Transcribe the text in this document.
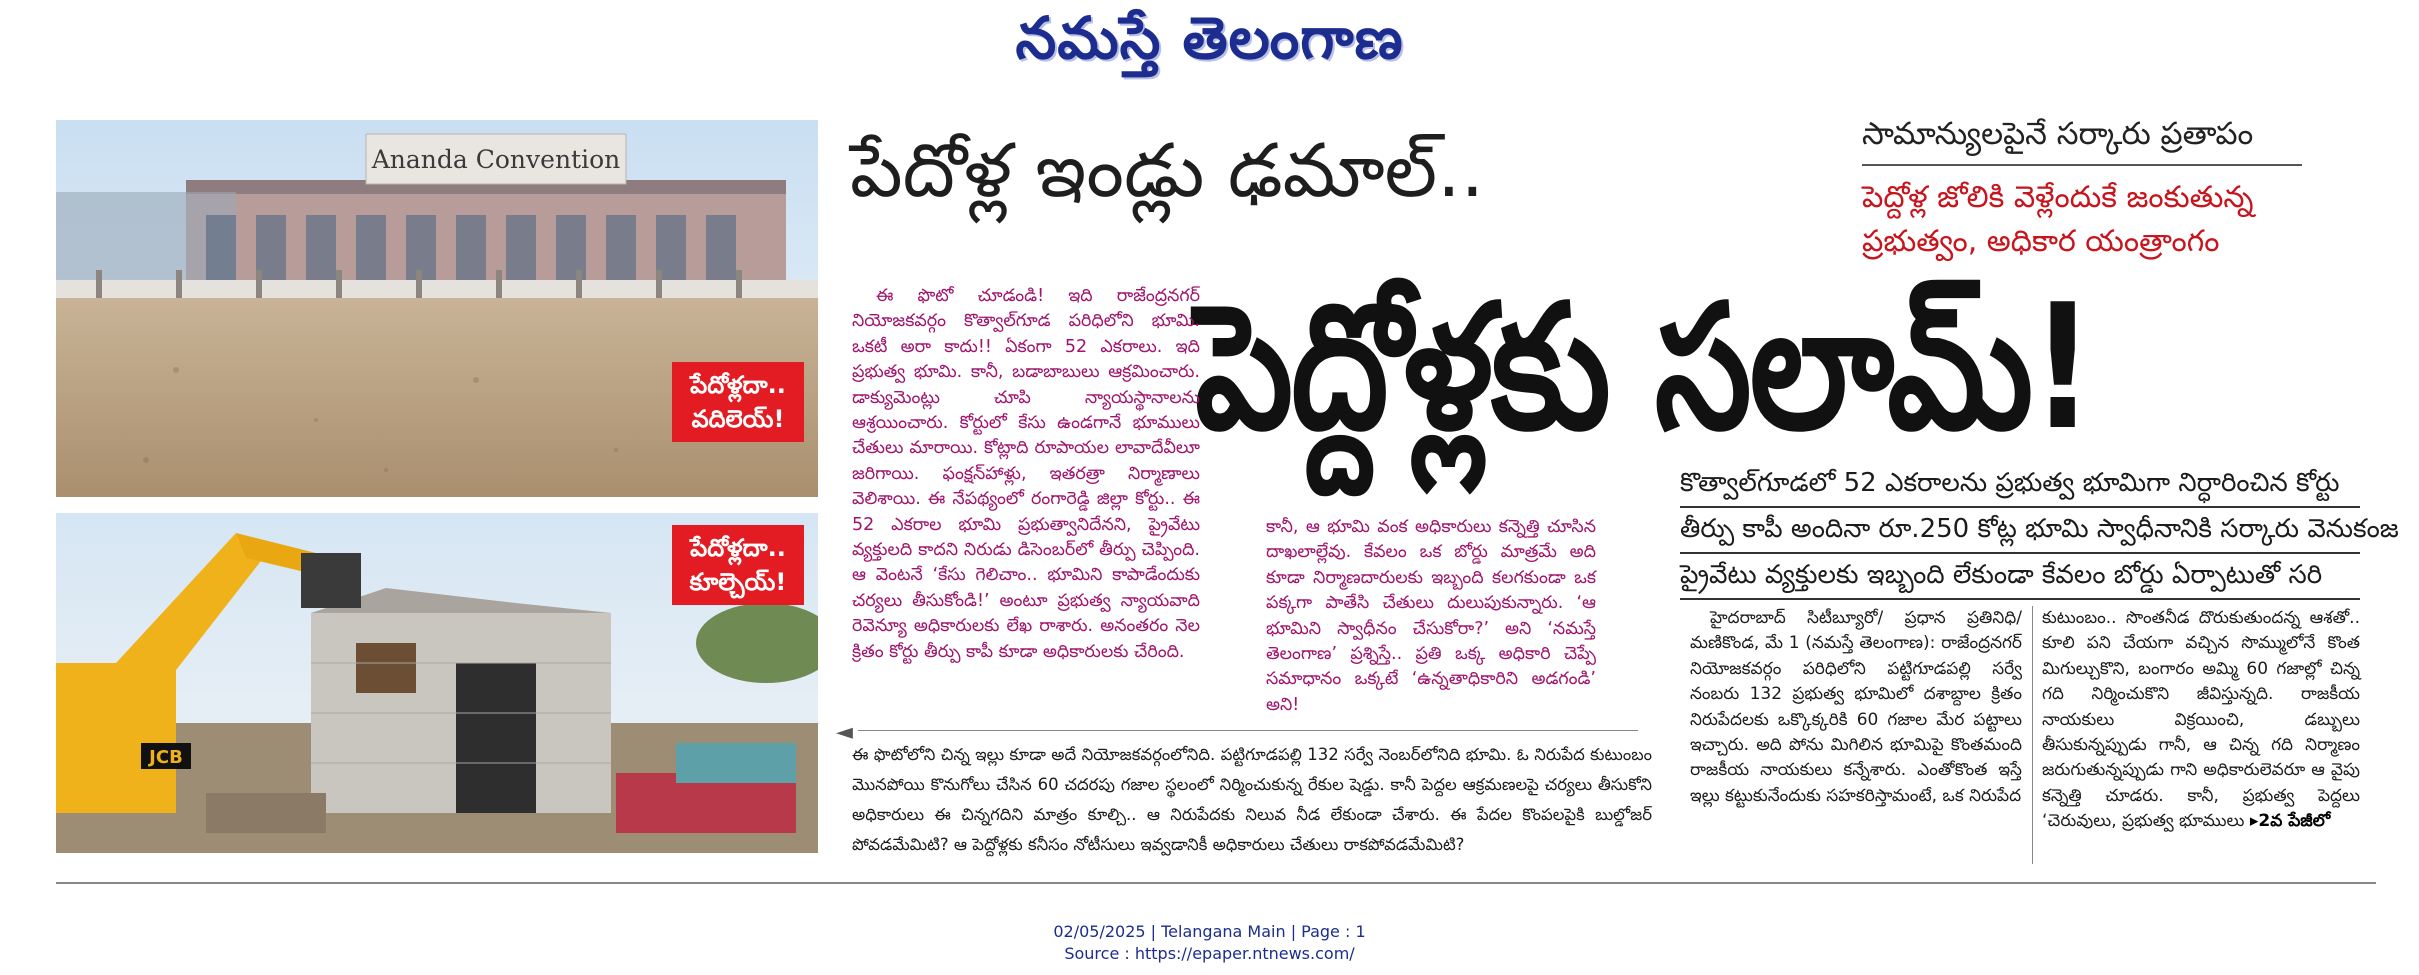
నమస్తే తెలంగాణ
Ananda Convention
పేదోళ్లదా.. వదిలెయ్!
JCB
పేదోళ్లదా.. కూల్చెయ్!
పేదోళ్ల ఇండ్లు ఢమాల్..
పెద్దోళ్లకు సలామ్!
సామాన్యులపైనే సర్కారు ప్రతాపం
పెద్దోళ్ల జోలికి వెళ్లేందుకే జంకుతున్న
ప్రభుత్వం, అధికార యంత్రాంగం
ఈ ఫొటో చూడండి! ఇది రాజేంద్రనగర్ నియోజకవర్గం కొత్వాల్‌గూడ పరిధిలోని భూమి. ఒకటీ అరా కాదు!! ఏకంగా 52 ఎకరాలు. ఇది ప్రభుత్వ భూమి. కానీ, బడాబాబులు ఆక్రమించారు. డాక్యుమెంట్లు చూపి న్యాయస్థానాలను ఆశ్రయించారు. కోర్టులో కేసు ఉండగానే భూములు చేతులు మారాయి. కోట్లాది రూపాయల లావాదేవీలూ జరిగాయి. ఫంక్షన్‌హాళ్లు, ఇతరత్రా నిర్మాణాలు వెలిశాయి. ఈ నేపథ్యంలో రంగారెడ్డి జిల్లా కోర్టు.. ఈ 52 ఎకరాల భూమి ప్రభుత్వానిదేనని, ప్రైవేటు వ్యక్తులది కాదని నిరుడు డిసెంబర్‌లో తీర్పు చెప్పింది. ఆ వెంటనే ‘కేసు గెలిచాం.. భూమిని కాపాడేందుకు చర్యలు తీసుకోండి!’ అంటూ ప్రభుత్వ న్యాయవాది రెవెన్యూ అధికారులకు లేఖ రాశారు. అనంతరం నెల క్రితం కోర్టు తీర్పు కాపీ కూడా అధికారులకు చేరింది.
కానీ, ఆ భూమి వంక అధికారులు కన్నెత్తి చూసిన దాఖలాల్లేవు. కేవలం ఒక బోర్డు మాత్రమే అది కూడా నిర్మాణదారులకు ఇబ్బంది కలగకుండా ఒక పక్కగా పాతేసి చేతులు దులుపుకున్నారు. ‘ఆ భూమిని స్వాధీనం చేసుకోరా?’ అని ‘నమస్తే తెలంగాణ’ ప్రశ్నిస్తే.. ప్రతి ఒక్క అధికారి చెప్పే సమాధానం ఒక్కటే ‘ఉన్నతాధికారిని అడగండి’ అని!
◄
ఈ ఫొటోలోని చిన్న ఇల్లు కూడా అదే నియోజకవర్గంలోనిది. పట్టిగూడపల్లి 132 సర్వే నెంబర్‌లోనిది భూమి. ఓ నిరుపేద కుటుంబం మొనపోయి కొనుగోలు చేసిన 60 చదరపు గజాల స్థలంలో నిర్మించుకున్న రేకుల షెడ్డు. కానీ పెద్దల ఆక్రమణలపై చర్యలు తీసుకోని అధికారులు ఈ చిన్నగదిని మాత్రం కూల్చి.. ఆ నిరుపేదకు నిలువ నీడ లేకుండా చేశారు. ఈ పేదల కొంపలపైకి బుల్డోజర్ పోవడమేమిటి? ఆ పెద్దోళ్లకు కనీసం నోటీసులు ఇవ్వడానికీ అధికారులు చేతులు రాకపోవడమేమిటి?
కొత్వాల్‌గూడలో 52 ఎకరాలను ప్రభుత్వ భూమిగా నిర్ధారించిన కోర్టు
తీర్పు కాపీ అందినా రూ.250 కోట్ల భూమి స్వాధీనానికి సర్కారు వెనుకంజ
ప్రైవేటు వ్యక్తులకు ఇబ్బంది లేకుండా కేవలం బోర్డు ఏర్పాటుతో సరి
హైదరాబాద్ సిటీబ్యూరో/ ప్రధాన ప్రతినిధి/ మణికొండ, మే 1 (నమస్తే తెలంగాణ): రాజేంద్రనగర్ నియోజకవర్గం పరిధిలోని పట్టిగూడపల్లి సర్వే నంబరు 132 ప్రభుత్వ భూమిలో దశాబ్దాల క్రితం నిరుపేదలకు ఒక్కొక్కరికి 60 గజాల మేర పట్టాలు ఇచ్చారు. అది పోను మిగిలిన భూమిపై కొంతమంది రాజకీయ నాయకులు కన్నేశారు. ఎంతోకొంత ఇస్తే ఇల్లు కట్టుకునేందుకు సహకరిస్తామంటే, ఒక నిరుపేద
కుటుంబం.. సొంతనీడ దొరుకుతుందన్న ఆశతో.. కూలి పని చేయగా వచ్చిన సొమ్ములోనే కొంత మిగుల్చుకొని, బంగారం అమ్మి 60 గజాల్లో చిన్న గది నిర్మించుకొని జీవిస్తున్నది. రాజకీయ నాయకులు విక్రయించి, డబ్బులు తీసుకున్నప్పుడు గానీ, ఆ చిన్న గది నిర్మాణం జరుగుతున్నప్పుడు గాని అధికారులెవరూ ఆ వైపు కన్నెత్తి చూడరు. కానీ, ప్రభుత్వ పెద్దలు ‘చెరువులు, ప్రభుత్వ భూములు ▸2వ పేజీలో
02/05/2025 | Telangana Main | Page : 1
Source : https://epaper.ntnews.com/
